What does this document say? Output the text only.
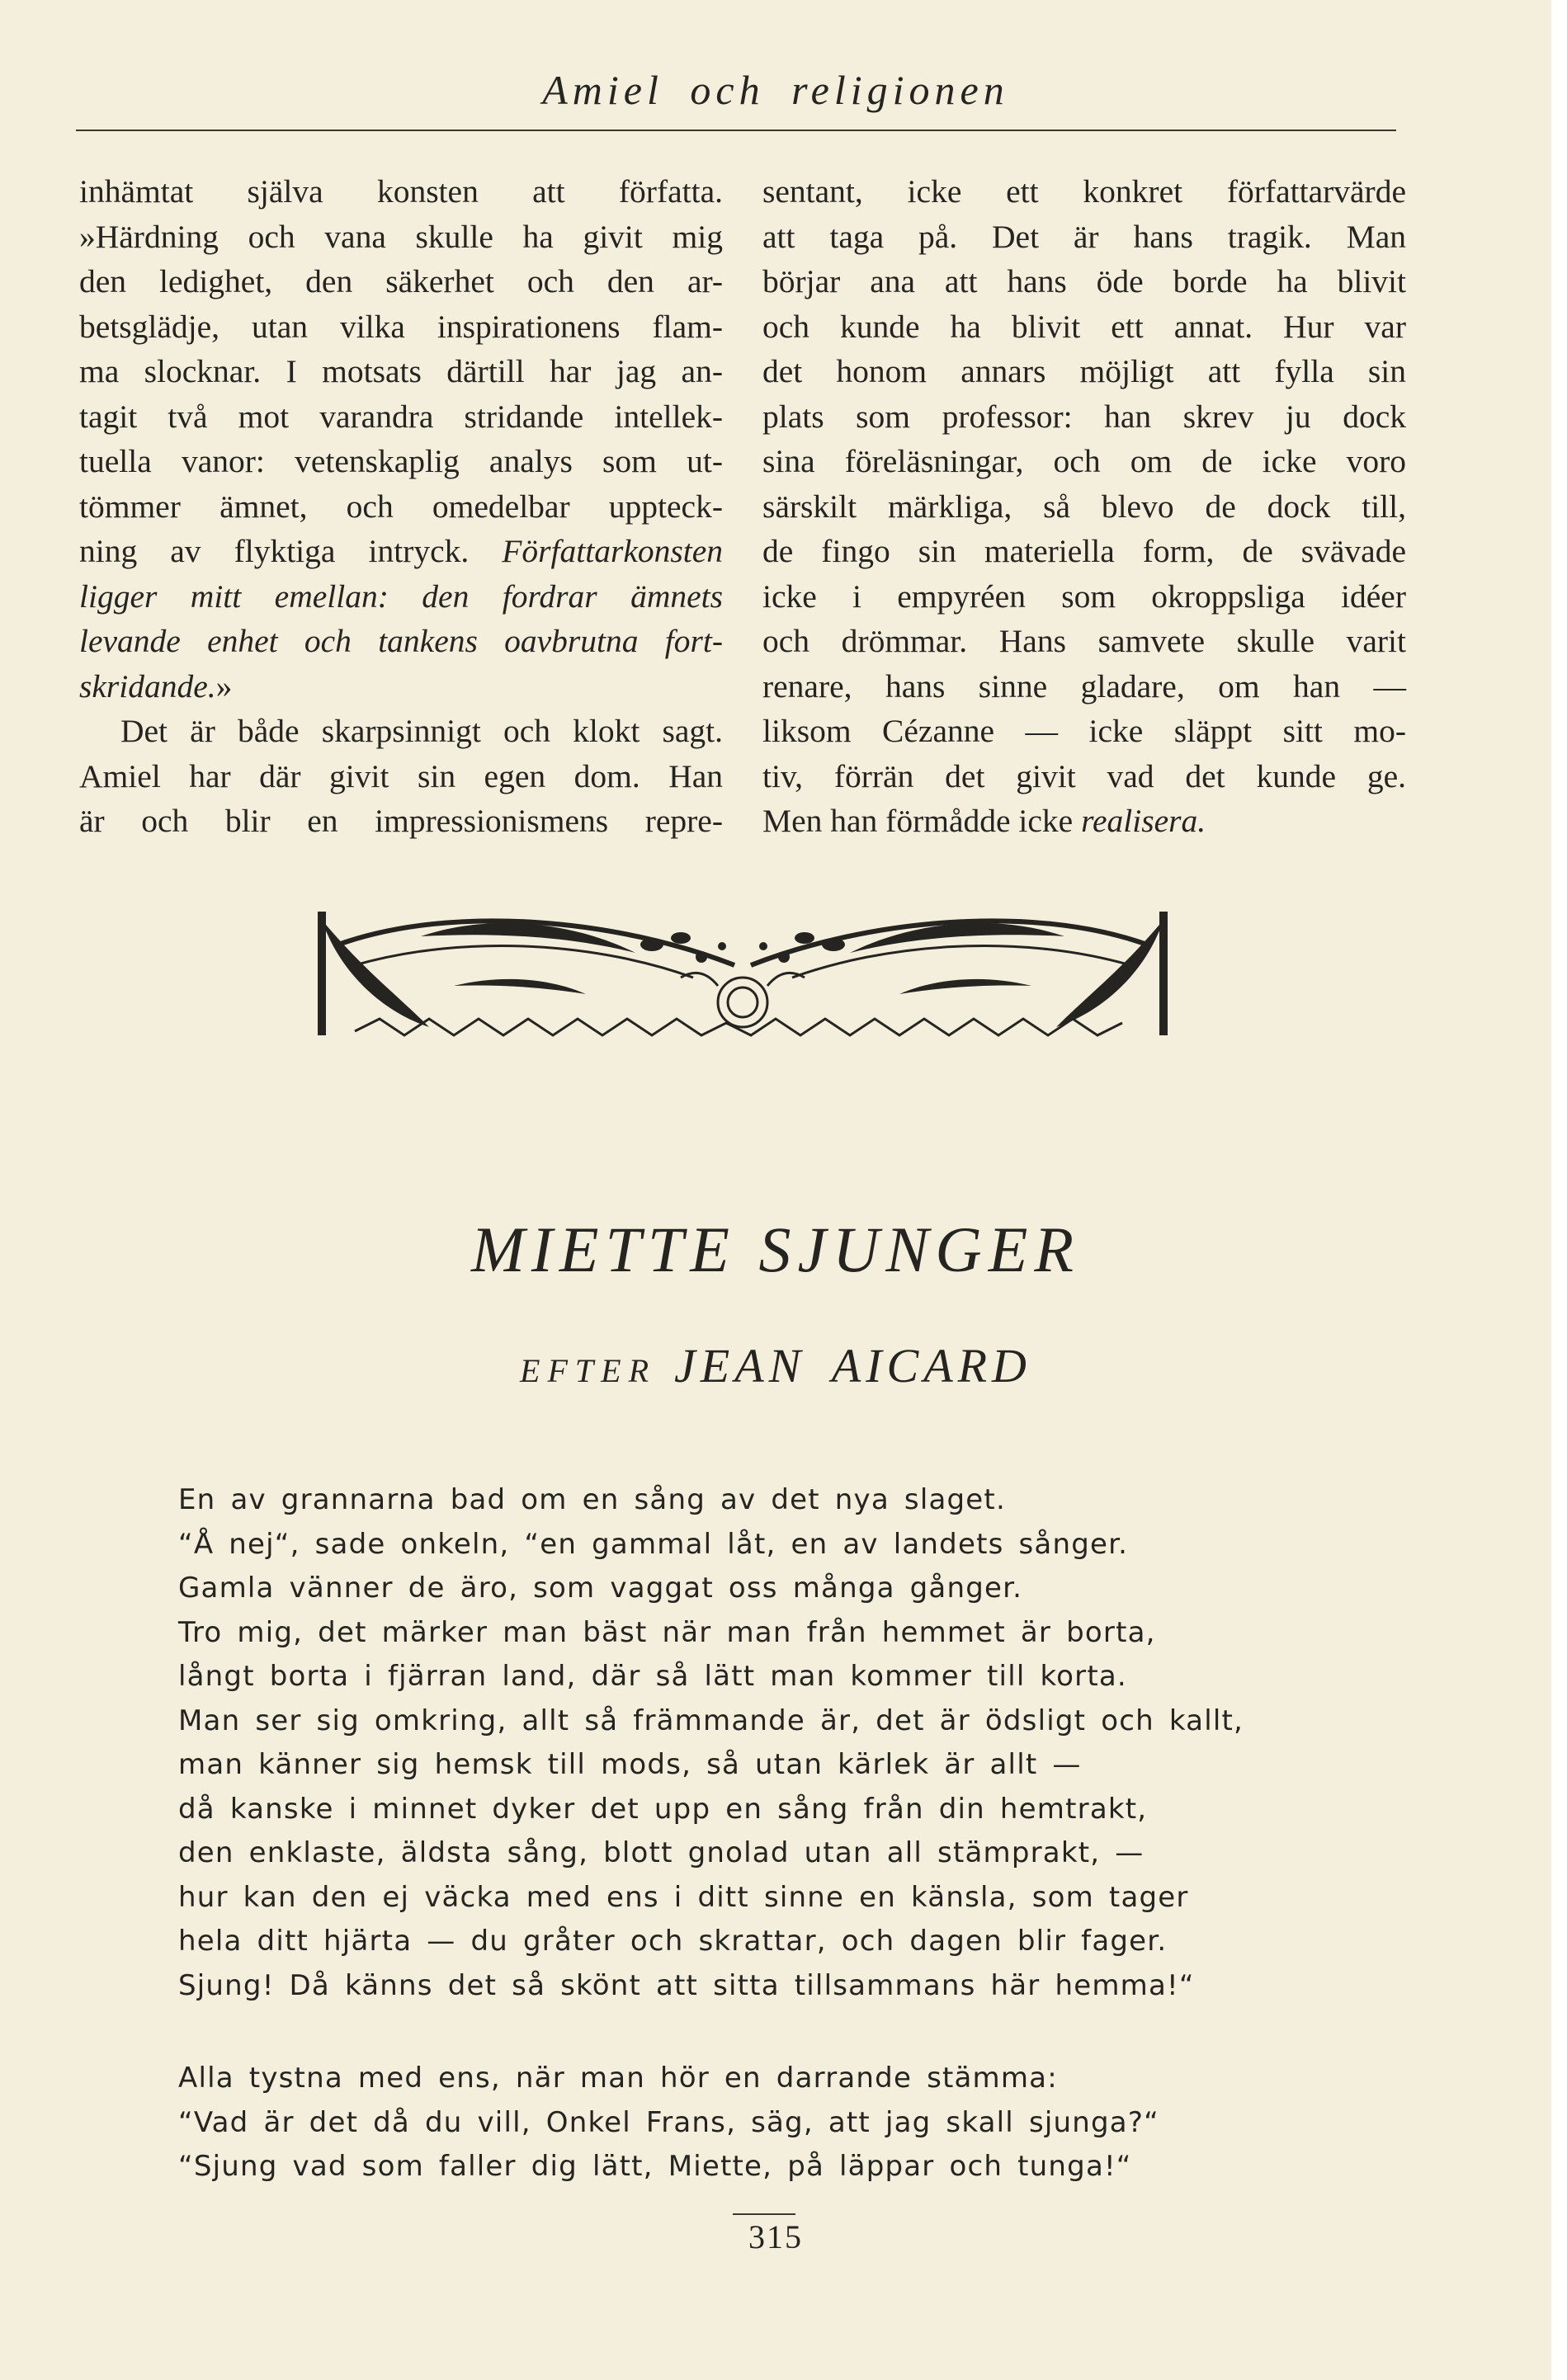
Amiel och religionen
inhämtat själva konsten att författa.
»Härdning och vana skulle ha givit mig
den ledighet, den säkerhet och den ar-
betsglädje, utan vilka inspirationens flam-
ma slocknar. I motsats därtill har jag an-
tagit två mot varandra stridande intellek-
tuella vanor: vetenskaplig analys som ut-
tömmer ämnet, och omedelbar uppteck-
ning av flyktiga intryck. Författarkonsten
ligger mitt emellan: den fordrar ämnets
levande enhet och tankens oavbrutna fort-
skridande.»
Det är både skarpsinnigt och klokt sagt.
Amiel har där givit sin egen dom. Han
är och blir en impressionismens repre-
sentant, icke ett konkret författarvärde
att taga på. Det är hans tragik. Man
börjar ana att hans öde borde ha blivit
och kunde ha blivit ett annat. Hur var
det honom annars möjligt att fylla sin
plats som professor: han skrev ju dock
sina föreläsningar, och om de icke voro
särskilt märkliga, så blevo de dock till,
de fingo sin materiella form, de svävade
icke i empyréen som okroppsliga idéer
och drömmar. Hans samvete skulle varit
renare, hans sinne gladare, om han —
liksom Cézanne — icke släppt sitt mo-
tiv, förrän det givit vad det kunde ge.
Men han förmådde icke realisera.
MIETTE SJUNGER
EFTER JEAN AICARD
En av grannarna bad om en sång av det nya slaget.
“Å nej“, sade onkeln, “en gammal låt, en av landets sånger.
Gamla vänner de äro, som vaggat oss många gånger.
Tro mig, det märker man bäst när man från hemmet är borta,
långt borta i fjärran land, där så lätt man kommer till korta.
Man ser sig omkring, allt så främmande är, det är ödsligt och kallt,
man känner sig hemsk till mods, så utan kärlek är allt —
då kanske i minnet dyker det upp en sång från din hemtrakt,
den enklaste, äldsta sång, blott gnolad utan all stämprakt, —
hur kan den ej väcka med ens i ditt sinne en känsla, som tager
hela ditt hjärta — du gråter och skrattar, och dagen blir fager.
Sjung! Då känns det så skönt att sitta tillsammans här hemma!“
Alla tystna med ens, när man hör en darrande stämma:
“Vad är det då du vill, Onkel Frans, säg, att jag skall sjunga?“
“Sjung vad som faller dig lätt, Miette, på läppar och tunga!“
315
